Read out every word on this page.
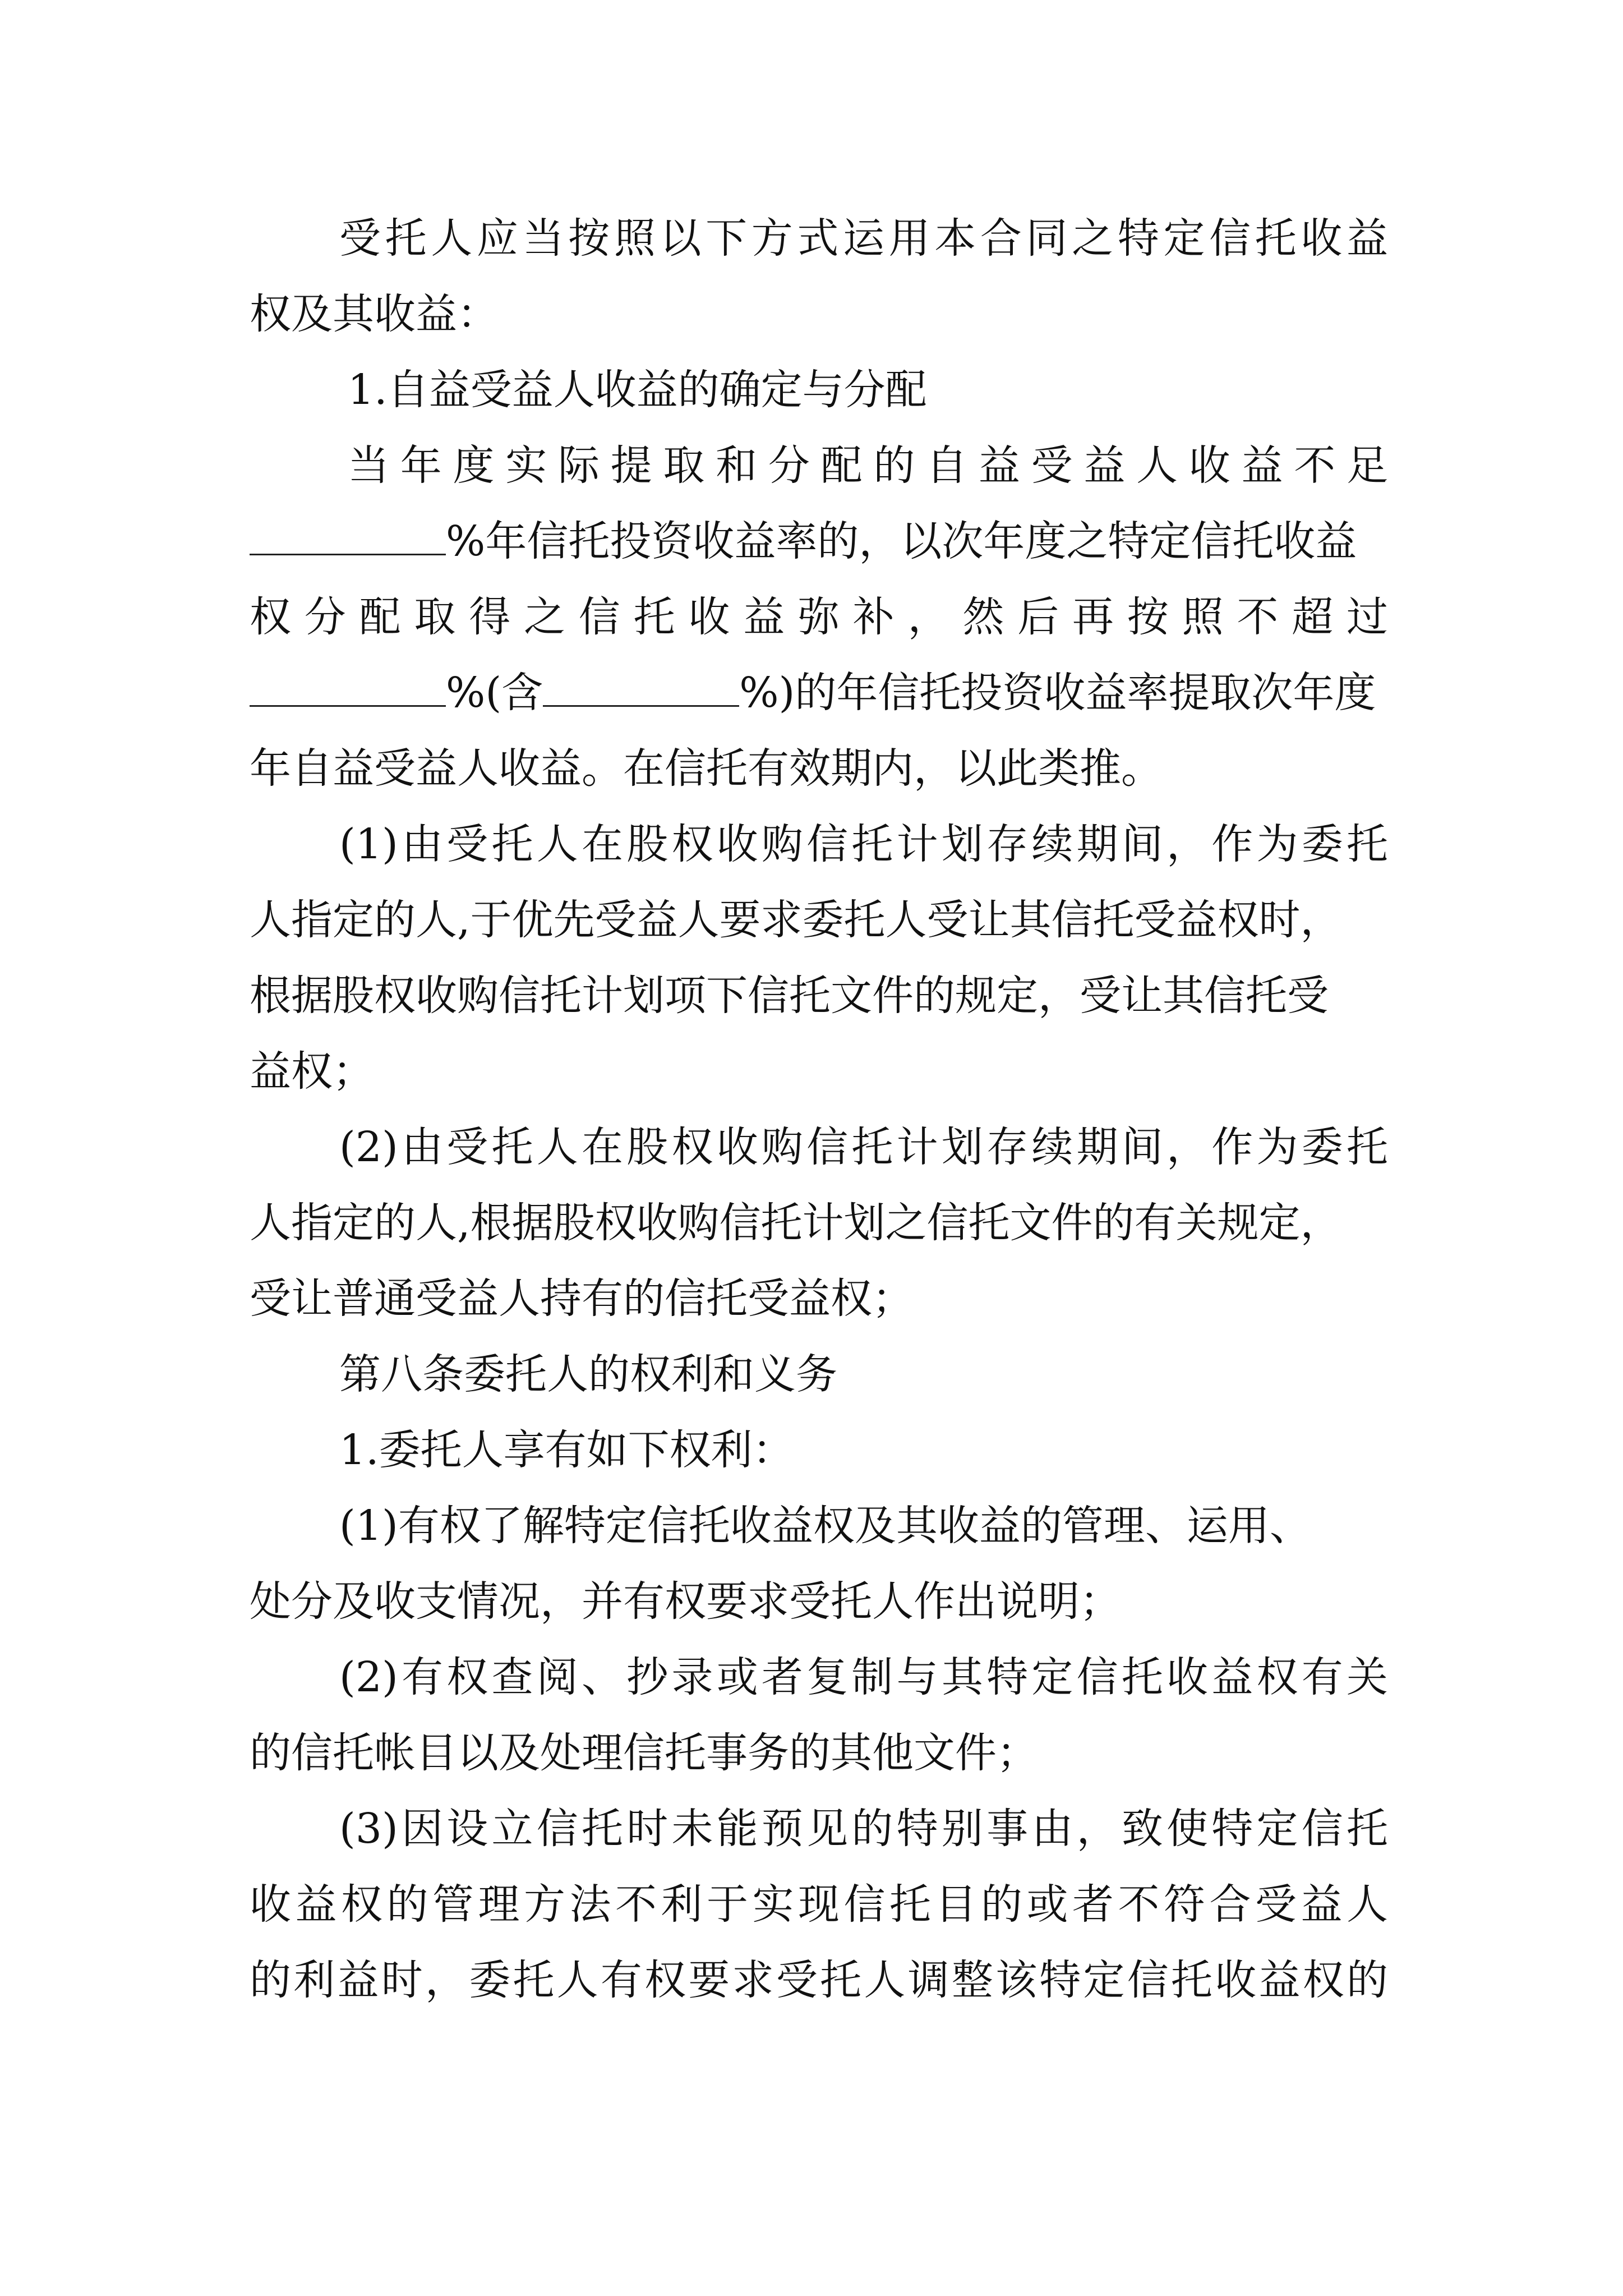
受托人应当按照以下方式运用本合同之特定信托收益
权及其收益：
1.自益受益人收益的确定与分配
当年度实际提取和分配的自益受益人收益不足
%年信托投资收益率的，以次年度之特定信托收益
权分配取得之信托收益弥补，然后再按照不超过
%(含	%)的年信托投资收益率提取次年度
年自益受益人收益。在信托有效期内，以此类推。
(1)由受托人在股权收购信托计划存续期间，作为委托
人指定的人,于优先受益人要求委托人受让其信托受益权时，
根据股权收购信托计划项下信托文件的规定，受让其信托受
益权；
(2)由受托人在股权收购信托计划存续期间，作为委托
人指定的人,根据股权收购信托计划之信托文件的有关规定，
受让普通受益人持有的信托受益权；
第八条委托人的权利和义务
1.委托人享有如下权利：
(1)有权了解特定信托收益权及其收益的管理、运用、
处分及收支情况，并有权要求受托人作出说明；
(2)有权查阅、抄录或者复制与其特定信托收益权有关
的信托帐目以及处理信托事务的其他文件；
(3)因设立信托时未能预见的特别事由，致使特定信托
收益权的管理方法不利于实现信托目的或者不符合受益人
的利益时，委托人有权要求受托人调整该特定信托收益权的
